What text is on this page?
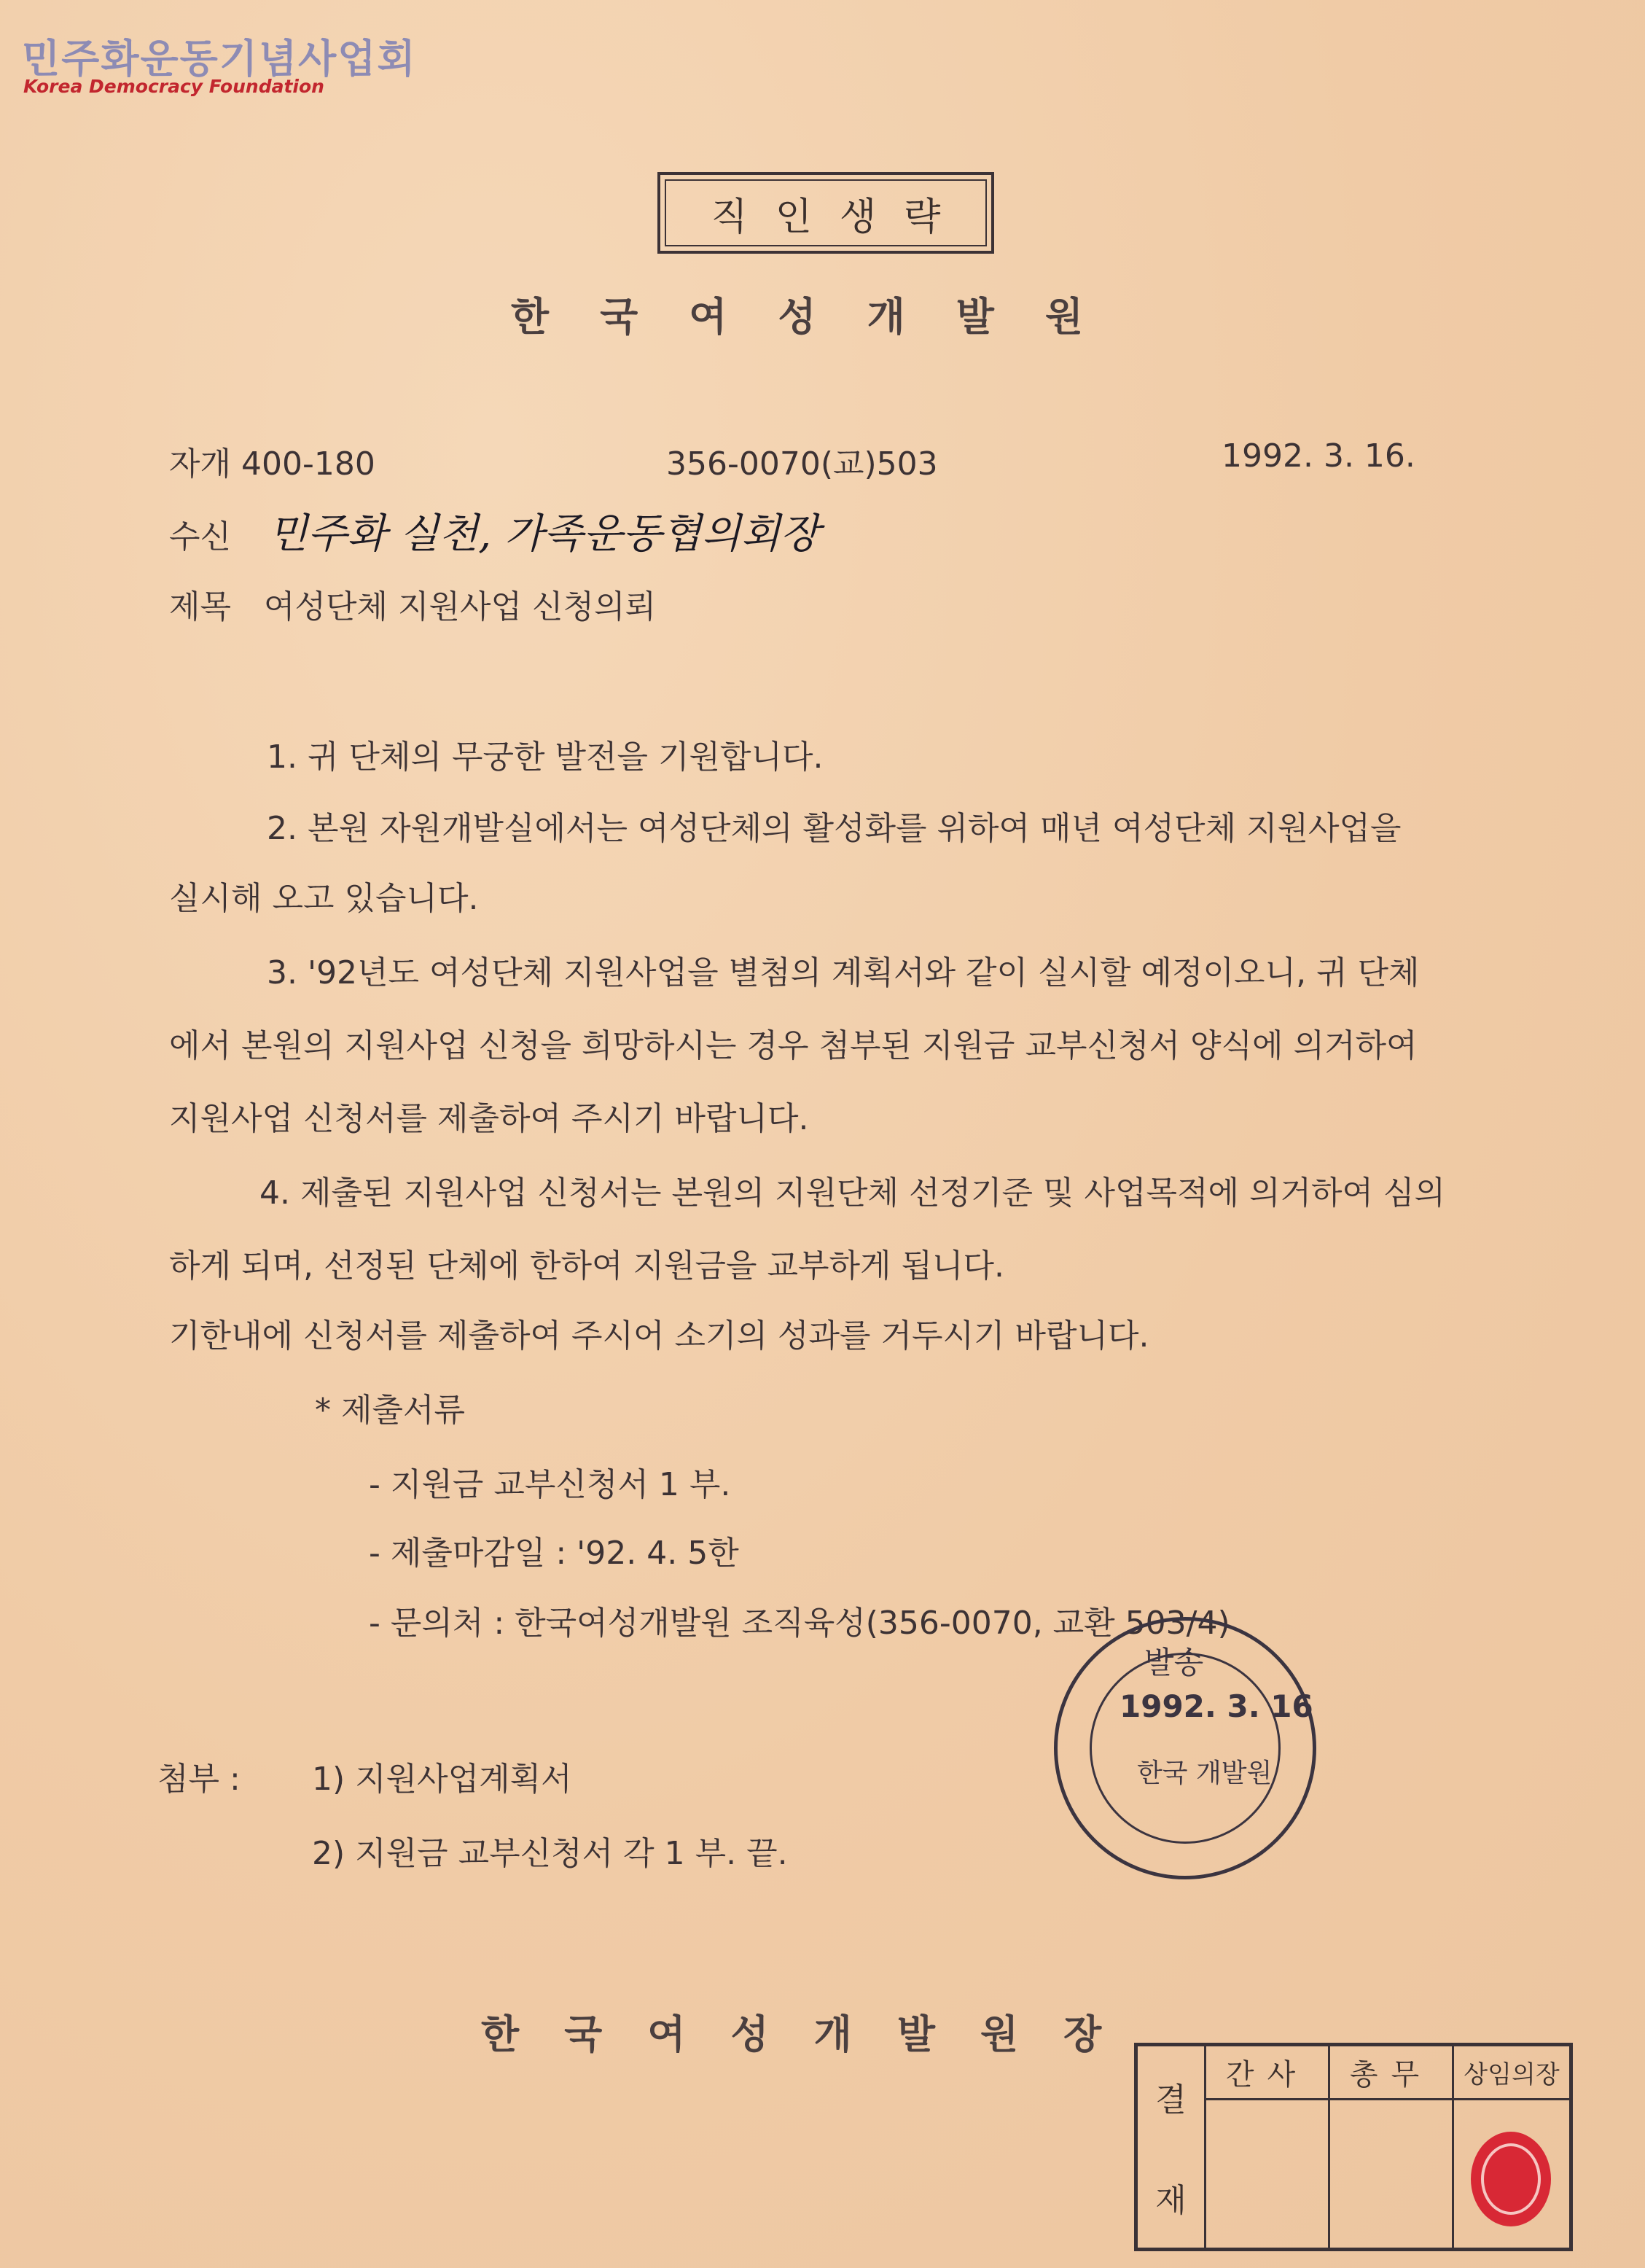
민주화운동기념사업회
Korea Democracy Foundation
직인생략
한국여성개발원
자개 400-180	356-0070(교)503	1992. 3. 16.
수신 민주화 실천, 가족운동협의회장
제목 여성단체 지원사업 신청의뢰
1. 귀 단체의 무궁한 발전을 기원합니다.
2. 본원 자원개발실에서는 여성단체의 활성화를 위하여 매년 여성단체 지원사업을
실시해 오고 있습니다.
3. '92년도 여성단체 지원사업을 별첨의 계획서와 같이 실시할 예정이오니, 귀 단체
에서 본원의 지원사업 신청을 희망하시는 경우 첨부된 지원금 교부신청서 양식에 의거하여
지원사업 신청서를 제출하여 주시기 바랍니다.
4. 제출된 지원사업 신청서는 본원의 지원단체 선정기준 및 사업목적에 의거하여 심의
하게 되며, 선정된 단체에 한하여 지원금을 교부하게 됩니다.
기한내에 신청서를 제출하여 주시어 소기의 성과를 거두시기 바랍니다.
* 제출서류
- 지원금 교부신청서 1 부.
- 제출마감일 : '92. 4. 5한
- 문의처 : 한국여성개발원 조직육성(356-0070, 교환 503/4)
발송
1992. 3. 16
한국 개발원
첨부 : 1) 지원사업계획서
2) 지원금 교부신청서 각 1 부. 끝.
한국여성개발원장
결
재
간사	총무	상임의장
